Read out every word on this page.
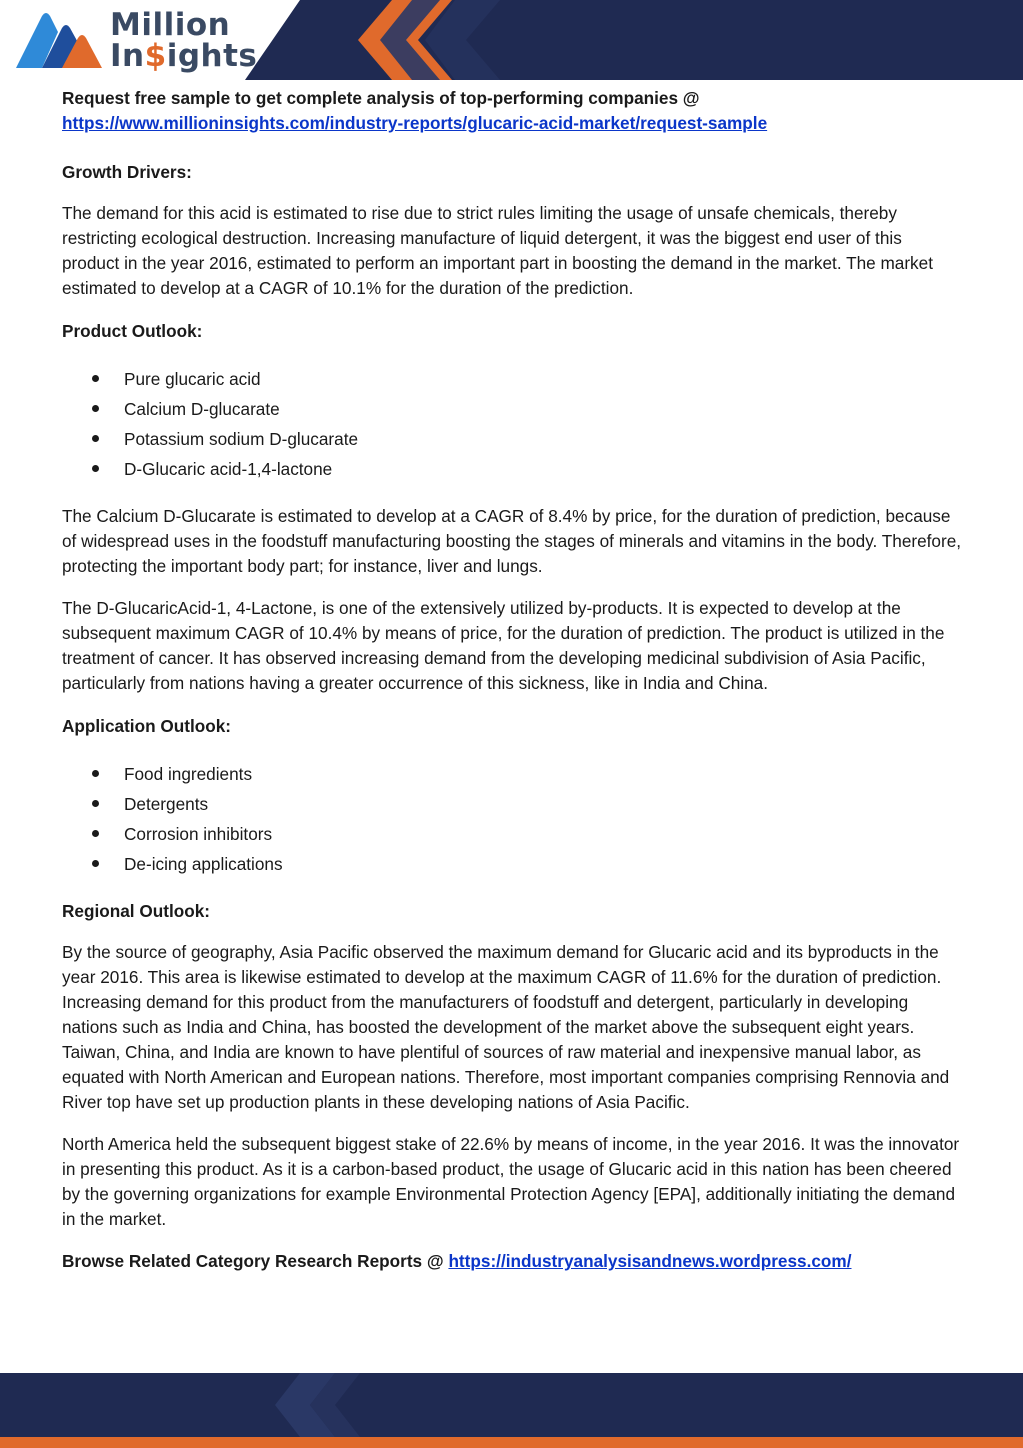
Million
In$ights

Request free sample to get complete analysis of top-performing companies @
https://www.millioninsights.com/industry-reports/glucaric-acid-market/request-sample

Growth Drivers:

The demand for this acid is estimated to rise due to strict rules limiting the usage of unsafe chemicals, thereby restricting ecological destruction. Increasing manufacture of liquid detergent, it was the biggest end user of this product in the year 2016, estimated to perform an important part in boosting the demand in the market. The market estimated to develop at a CAGR of 10.1% for the duration of the prediction.

Product Outlook:

Pure glucaric acid
Calcium D-glucarate
Potassium sodium D-glucarate
D-Glucaric acid-1,4-lactone

The Calcium D-Glucarate is estimated to develop at a CAGR of 8.4% by price, for the duration of prediction, because of widespread uses in the foodstuff manufacturing boosting the stages of minerals and vitamins in the body. Therefore, protecting the important body part; for instance, liver and lungs.

The D-GlucaricAcid-1, 4-Lactone, is one of the extensively utilized by-products. It is expected to develop at the subsequent maximum CAGR of 10.4% by means of price, for the duration of prediction. The product is utilized in the treatment of cancer. It has observed increasing demand from the developing medicinal subdivision of Asia Pacific, particularly from nations having a greater occurrence of this sickness, like in India and China.

Application Outlook:

Food ingredients
Detergents
Corrosion inhibitors
De-icing applications

Regional Outlook:

By the source of geography, Asia Pacific observed the maximum demand for Glucaric acid and its byproducts in the year 2016. This area is likewise estimated to develop at the maximum CAGR of 11.6% for the duration of prediction. Increasing demand for this product from the manufacturers of foodstuff and detergent, particularly in developing nations such as India and China, has boosted the development of the market above the subsequent eight years. Taiwan, China, and India are known to have plentiful of sources of raw material and inexpensive manual labor, as equated with North American and European nations. Therefore, most important companies comprising Rennovia and River top have set up production plants in these developing nations of Asia Pacific.

North America held the subsequent biggest stake of 22.6% by means of income, in the year 2016. It was the innovator in presenting this product. As it is a carbon-based product, the usage of Glucaric acid in this nation has been cheered by the governing organizations for example Environmental Protection Agency [EPA], additionally initiating the demand in the market.

Browse Related Category Research Reports @ https://industryanalysisandnews.wordpress.com/
